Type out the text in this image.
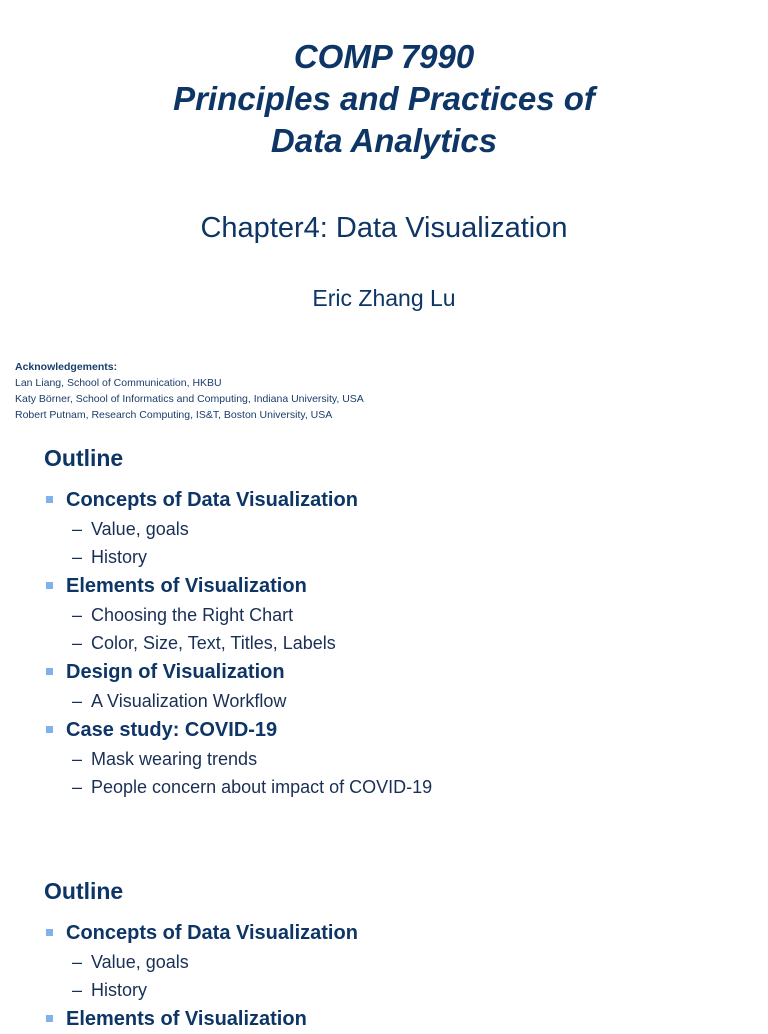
COMP 7990

Principles and Practices of

Data Analytics

Chapter4: Data Visualization
Eric Zhang Lu
Acknowledgements:
Lan Liang, School of Communication, HKBU
Katy Börner, School of Informatics and Computing, Indiana University, USA
Robert Putnam, Research Computing, IS&T, Boston University, USA
Outline
Concepts of Data Visualization
– Value, goals
– History
Elements of Visualization
– Choosing the Right Chart
– Color, Size, Text, Titles, Labels
Design of Visualization
– A Visualization Workflow
Case study: COVID-19
– Mask wearing trends
– People concern about impact of COVID-19
Outline
Concepts of Data Visualization
– Value, goals
– History
Elements of Visualization
